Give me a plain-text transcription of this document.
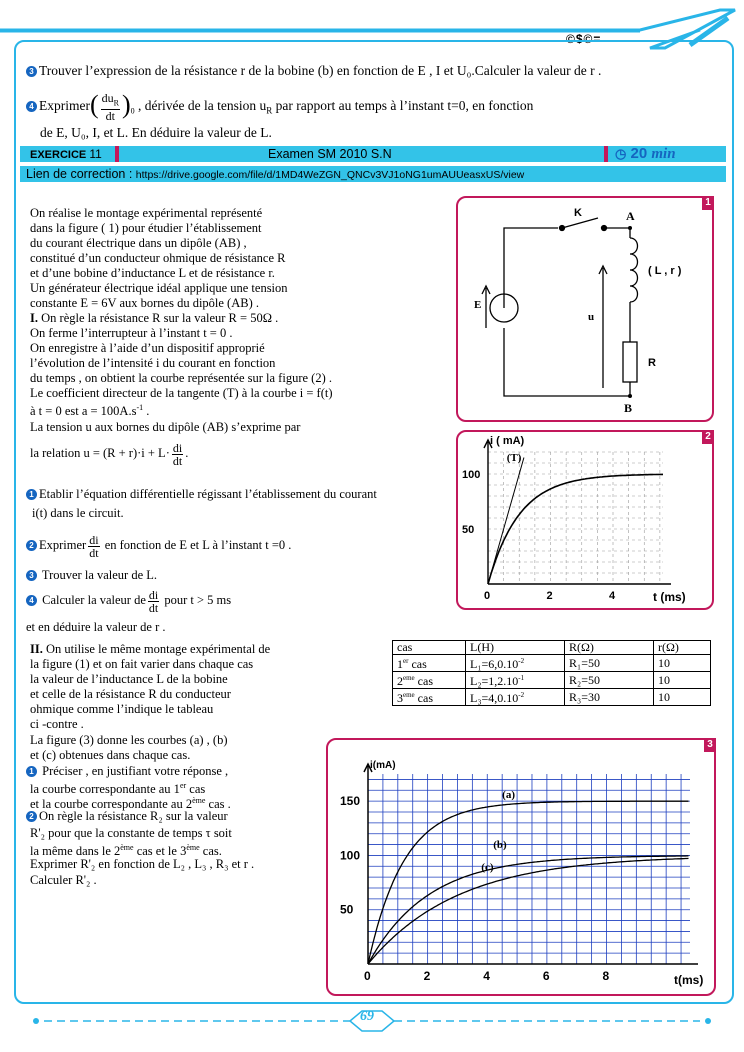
©$©=
3 Trouver l’expression de la résistance r de la bobine (b) en fonction de E , I et U₀.Calculer la valeur de r .
4 Exprimer( $\frac{du_R}{dt} )_0$ , dérivée de la tension $u_R$ par rapport au temps à l’instant t=0, en fonction
de E, U₀, I, et L. En déduire la valeur de L.
EXERCICE 11	Examen SM 2010 S.N	◷ 20 min
Lien de correction : https://drive.google.com/file/d/1MD4WeZGN_QNCv3VJ1oNG1umAUUeasxUS/view
On réalise le montage expérimental représenté
dans la figure ( 1) pour étudier l’établissement
du courant électrique dans un dipôle (AB) ,
constitué d’un conducteur ohmique de résistance R
et d’une bobine d’inductance L et de résistance r.
Un générateur électrique idéal applique une tension
constante E = 6V aux bornes du dipôle (AB) .
I. On règle la résistance R sur la valeur R = 50Ω .
On ferme l’interrupteur à l’instant t = 0 .
On enregistre à l’aide d’un dispositif approprié
l’évolution de l’intensité i du courant en fonction
du temps , on obtient la courbe représentée sur la figure (2) .
Le coefficient directeur de la tangente (T) à la courbe i = f(t)
à t = 0 est $a = 100A.s^{-1}$ .
La tension u aux bornes du dipôle (AB) s’exprime par
la relation $u = (R + r)\cdot i + L\cdot \frac{di}{dt}$ .
1 Etablir l’équation différentielle régissant l’établissement du courant
i(t) dans le circuit.
2 Exprimer $\frac{di}{dt}$ en fonction de E et L à l’instant t =0 .
3 Trouver la valeur de L.
4 Calculer la valeur de $\frac{di}{dt}$ pour t > 5 ms
et en déduire la valeur de r .
II. On utilise le même montage expérimental de
la figure (1) et on fait varier dans chaque cas
la valeur de l’inductance L de la bobine
et celle de la résistance R du conducteur
ohmique comme l’indique le tableau
ci -contre .
La figure (3) donne les courbes (a) , (b)
et (c) obtenues dans chaque cas.
1 Préciser , en justifiant votre réponse ,
la courbe correspondante au 1er cas
et la courbe correspondante au 2ème cas .
2 On règle la résistance R₂ sur la valeur
R'₂ pour que la constante de temps τ soit
la même dans le 2ème cas et le 3ème cas.
Exprimer R'₂ en fonction de L₂ , L₃ , R₃ et r .
Calculer R'₂ .
cas	L(H)	R(Ω)	r(Ω)
1er cas	$L_1=6,0.10^{-2}$	R₁=50	10
2eme cas	$L_2=1,2.10^{-1}$	R₂=50	10
3eme cas	$L_3=4,0.10^{-2}$	R₃=30	10
1
K	A
B
E
u
( L , r )
R
2
0	2	4
50
100
i ( mA)
t (ms)
(T)
3
0	2	4	6	8
50
100
150
i(mA)
t(ms)
(a)
(b)
(c)
69
